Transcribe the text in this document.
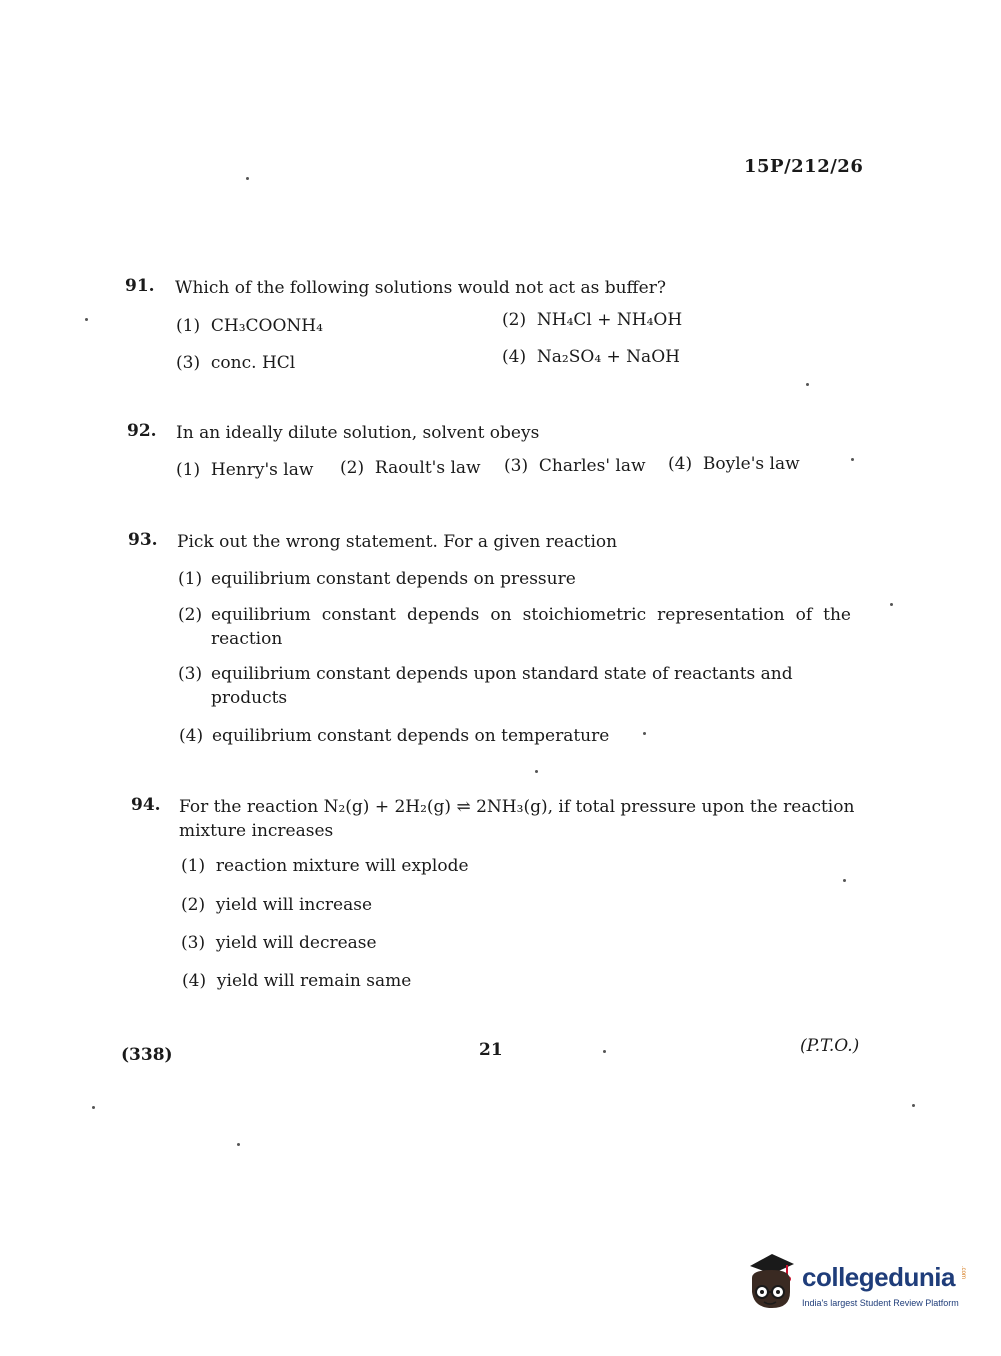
15P/212/26
91.	Which of the following solutions would not act as buffer?
(1) CH₃COONH₄	(2) NH₄Cl + NH₄OH
(3) conc. HCl	(4) Na₂SO₄ + NaOH
92.	In an ideally dilute solution, solvent obeys
(1) Henry's law (2) Raoult's law (3) Charles' law (4) Boyle's law
93.	Pick out the wrong statement. For a given reaction
(1) equilibrium constant depends on pressure
(2) equilibrium constant depends on stoichiometric representation of the reaction
(3) equilibrium constant depends upon standard state of reactants and products
(4) equilibrium constant depends on temperature
94.	For the reaction N₂(g) + 2H₂(g) ⇌ 2NH₃(g), if total pressure upon the reaction mixture increases
(1) reaction mixture will explode
(2) yield will increase
(3) yield will decrease
(4) yield will remain same
(338)	21	(P.T.O.)
collegedunia .com
India's largest Student Review Platform
